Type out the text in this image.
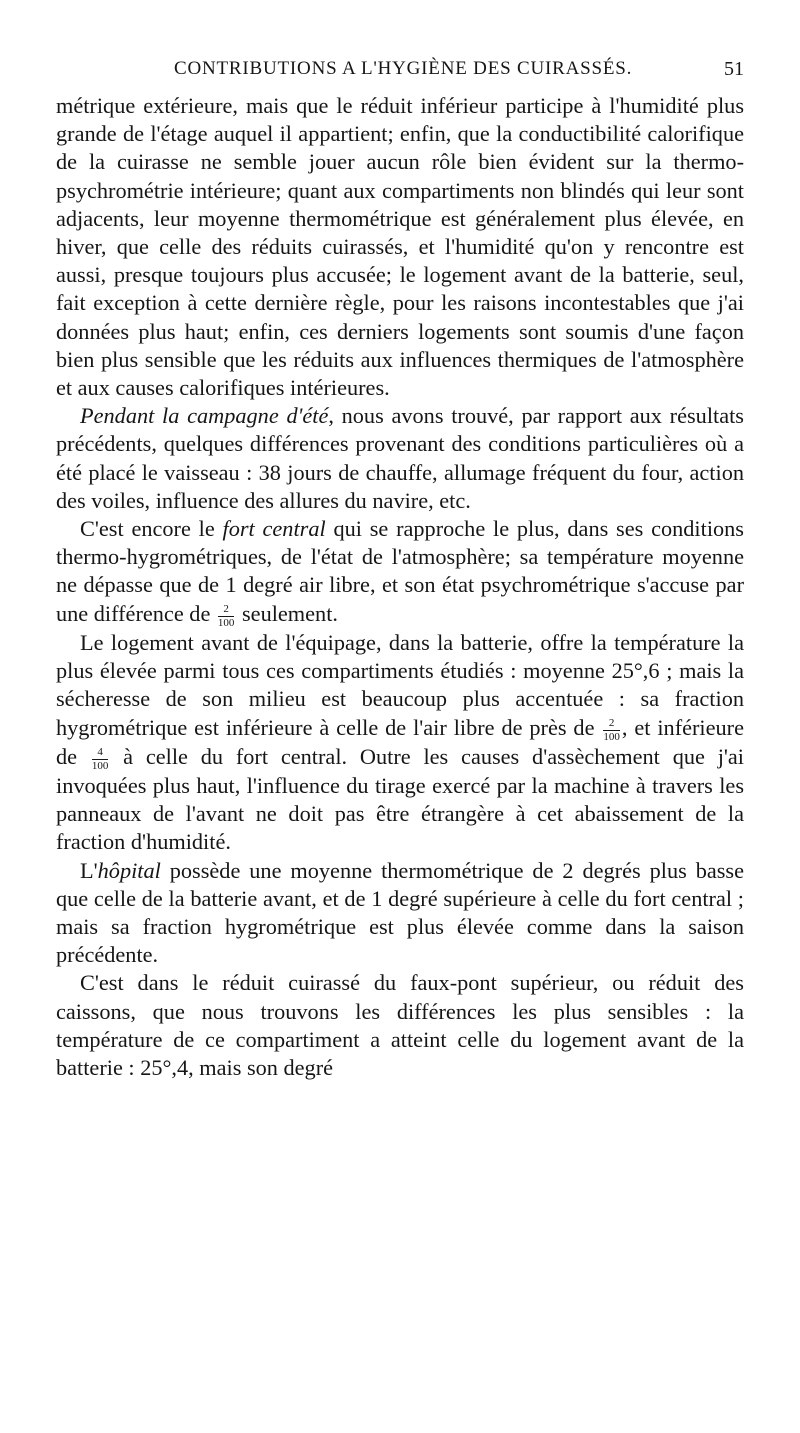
CONTRIBUTIONS A L'HYGIÈNE DES CUIRASSÉS.	51

métrique extérieure, mais que le réduit inférieur participe à l'humidité plus grande de l'étage auquel il appartient; enfin, que la conductibilité calorifique de la cuirasse ne semble jouer aucun rôle bien évident sur la thermo-psychrométrie intérieure; quant aux compartiments non blindés qui leur sont adjacents, leur moyenne thermométrique est généralement plus élevée, en hiver, que celle des réduits cuirassés, et l'humidité qu'on y rencontre est aussi, presque toujours plus accusée; le logement avant de la batterie, seul, fait exception à cette dernière règle, pour les raisons incontestables que j'ai données plus haut; enfin, ces derniers logements sont soumis d'une façon bien plus sensible que les réduits aux influences thermiques de l'atmosphère et aux causes calorifiques intérieures.

Pendant la campagne d'été, nous avons trouvé, par rapport aux résultats précédents, quelques différences provenant des conditions particulières où a été placé le vaisseau : 38 jours de chauffe, allumage fréquent du four, action des voiles, influence des allures du navire, etc.

C'est encore le fort central qui se rapproche le plus, dans ses conditions thermo-hygrométriques, de l'état de l'atmosphère; sa température moyenne ne dépasse que de 1 degré air libre, et son état psychrométrique s'accuse par une différence de $\frac{2}{100}$ seulement.

Le logement avant de l'équipage, dans la batterie, offre la température la plus élevée parmi tous ces compartiments étudiés : moyenne 25°,6 ; mais la sécheresse de son milieu est beaucoup plus accentuée : sa fraction hygrométrique est inférieure à celle de l'air libre de près de $\frac{2}{100}$ , et inférieure de $\frac{4}{100}$ à celle du fort central. Outre les causes d'assèchement que j'ai invoquées plus haut, l'influence du tirage exercé par la machine à travers les panneaux de l'avant ne doit pas être étrangère à cet abaissement de la fraction d'humidité.

L'hôpital possède une moyenne thermométrique de 2 degrés plus basse que celle de la batterie avant, et de 1 degré supérieure à celle du fort central ; mais sa fraction hygrométrique est plus élevée comme dans la saison précédente.

C'est dans le réduit cuirassé du faux-pont supérieur, ou réduit des caissons, que nous trouvons les différences les plus sensibles : la température de ce compartiment a atteint celle du logement avant de la batterie : 25°,4, mais son degré
